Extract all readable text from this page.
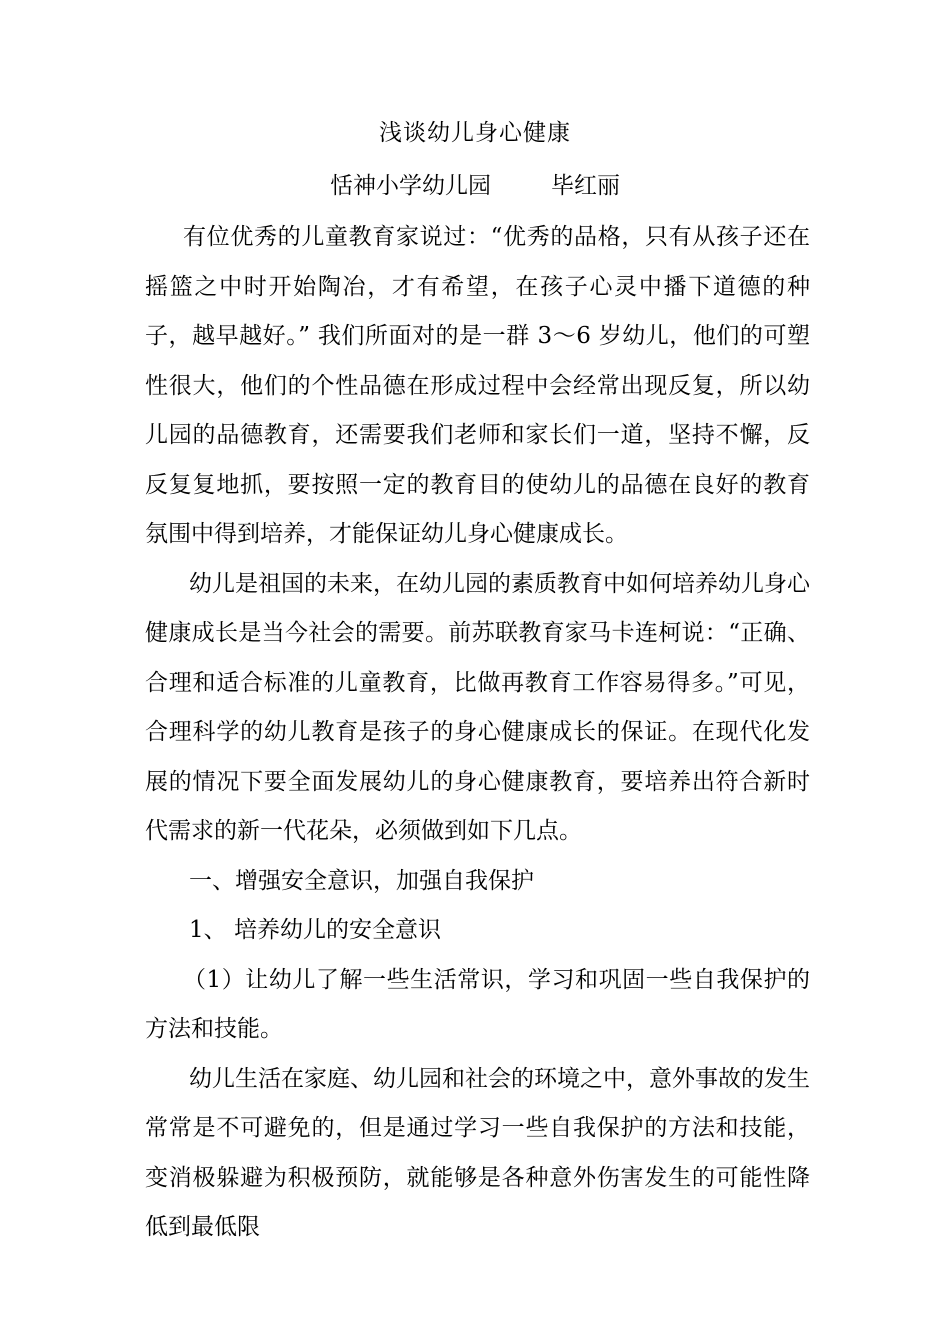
浅谈幼儿身心健康
恬神小学幼儿园	毕红丽

有位优秀的儿童教育家说过：“优秀的品格，只有从孩子还在摇篮之中时开始陶冶，才有希望，在孩子心灵中播下道德的种子，越早越好。” 我们所面对的是一群 3～6 岁幼儿，他们的可塑性很大，他们的个性品德在形成过程中会经常出现反复，所以幼儿园的品德教育，还需要我们老师和家长们一道，坚持不懈，反反复复地抓，要按照一定的教育目的使幼儿的品德在良好的教育氛围中得到培养，才能保证幼儿身心健康成长。

幼儿是祖国的未来，在幼儿园的素质教育中如何培养幼儿身心健康成长是当今社会的需要。前苏联教育家马卡连柯说：“正确、合理和适合标准的儿童教育，比做再教育工作容易得多。”可见，合理科学的幼儿教育是孩子的身心健康成长的保证。在现代化发展的情况下要全面发展幼儿的身心健康教育，要培养出符合新时代需求的新一代花朵，必须做到如下几点。

一、增强安全意识，加强自我保护

1、 培养幼儿的安全意识

（1）让幼儿了解一些生活常识，学习和巩固一些自我保护的方法和技能。

幼儿生活在家庭、幼儿园和社会的环境之中，意外事故的发生常常是不可避免的，但是通过学习一些自我保护的方法和技能，变消极躲避为积极预防，就能够是各种意外伤害发生的可能性降低到最低限
